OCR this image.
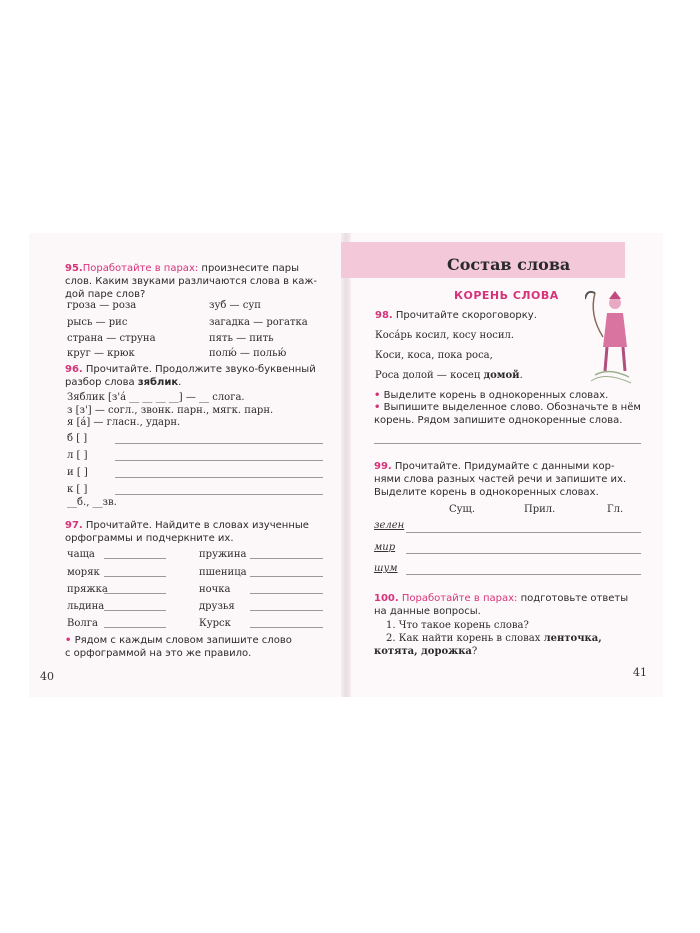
95.Поработайте в парах: произнесите пары
слов. Каким звуками различаются слова в каж-
дой паре слов?
гроза — роза	зуб — суп
рысь — рис	загадка — рогатка
страна — струна	пять — пить
круг — крюк	полю́ — полью́
96. Прочитайте. Продолжите звуко-буквенный
разбор слова зяблик.
Зяблик [з'а́ __ __ __ __] — __ слога.
з [з'] — согл., звонк. парн., мягк. парн.
я [а́] — гласн., ударн.
б [ ]
л [ ]
и [ ]
к [ ]
__б., __зв.
97. Прочитайте. Найдите в словах изученные
орфограммы и подчеркните их.
чаща	пружина
моряк	пшеница
пряжка	ночка
льдина	друзья
Волга	Курск
• Рядом с каждым словом запишите слово
с орфограммой на это же правило.
40
Состав слова
КОРЕНЬ СЛОВА
98. Прочитайте скороговорку.
Коса́рь косил, косу носил.
Коси, коса, пока роса,
Роса долой — косец домой.
• Выделите корень в однокоренных словах.
• Выпишите выделенное слово. Обозначьте в нём
корень. Рядом запишите однокоренные слова.
99. Прочитайте. Придумайте с данными кор-
нями слова разных частей речи и запишите их.
Выделите корень в однокоренных словах.
Сущ.	Прил.	Гл.
зелен
мир
шум
100. Поработайте в парах: подготовьте ответы
на данные вопросы.
1. Что такое корень слова?
2. Как найти корень в словах ленточка,
котята, дорожка?
41
